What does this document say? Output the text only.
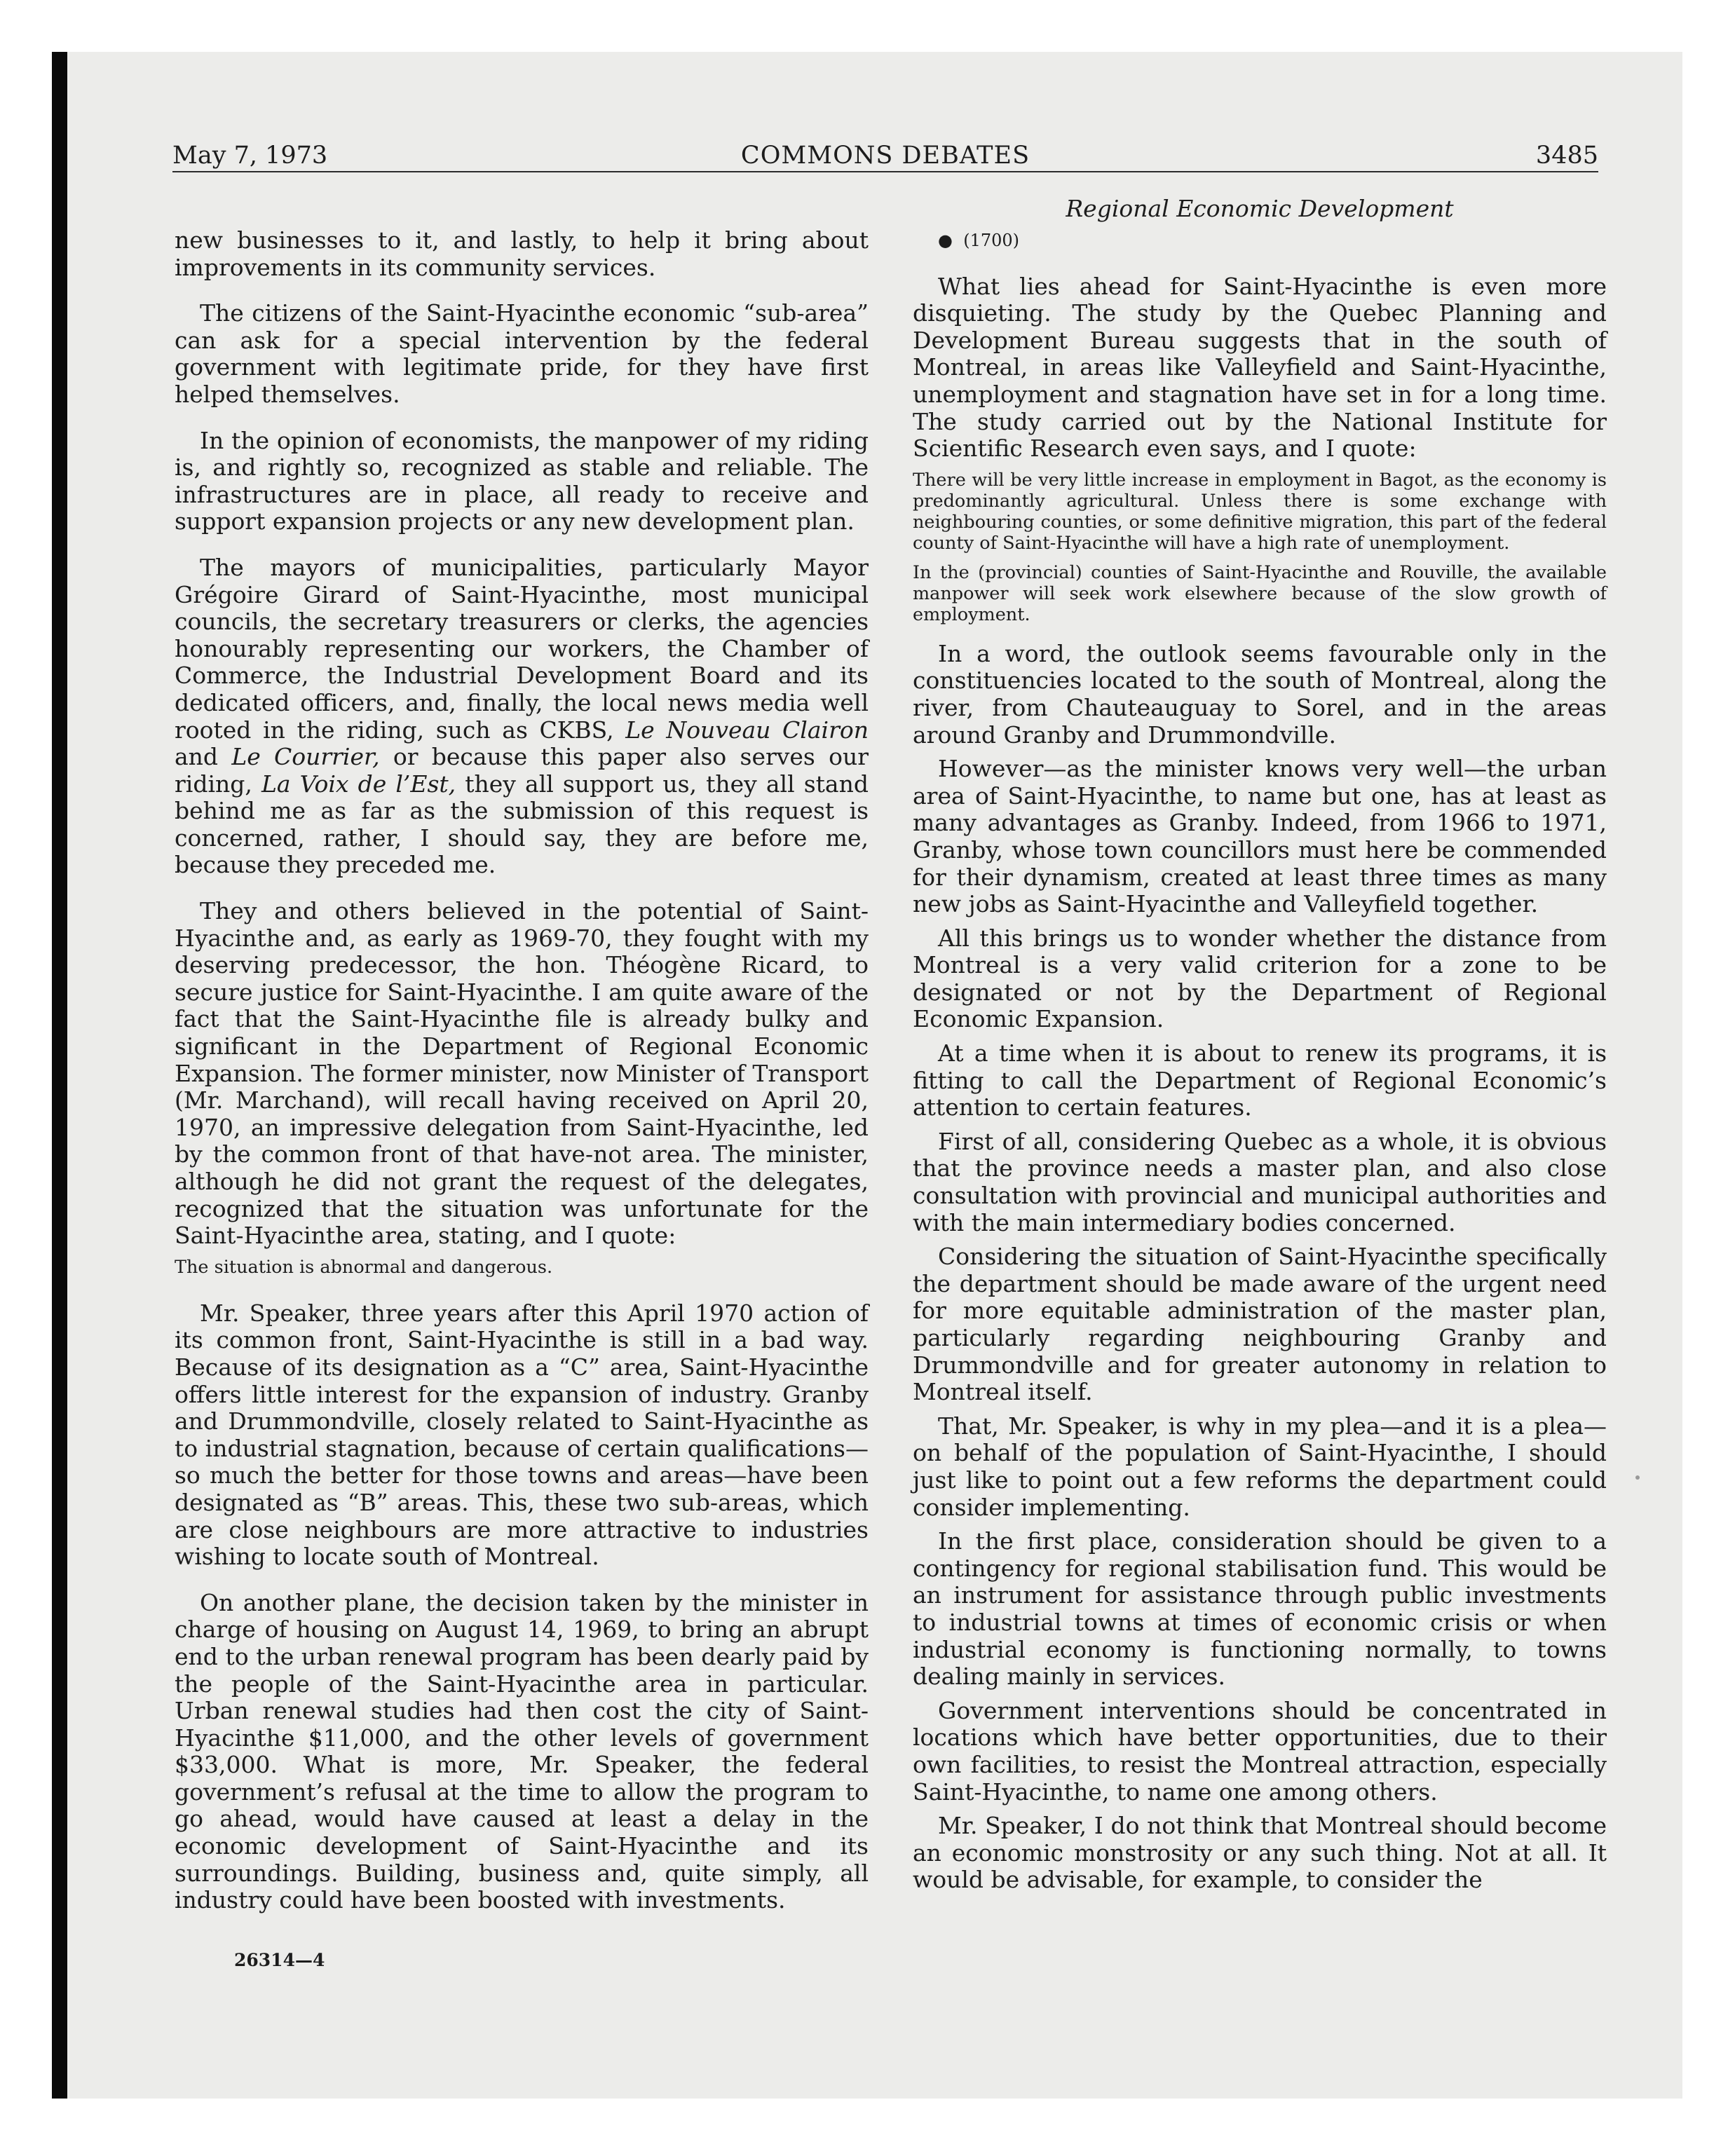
May 7, 1973	COMMONS DEBATES	3485
Regional Economic Development

new businesses to it, and lastly, to help it bring about improvements in its community services.

The citizens of the Saint-Hyacinthe economic “sub-area” can ask for a special intervention by the federal government with legitimate pride, for they have first helped themselves.

In the opinion of economists, the manpower of my riding is, and rightly so, recognized as stable and reliable. The infrastructures are in place, all ready to receive and support expansion projects or any new development plan.

The mayors of municipalities, particularly Mayor Grégoire Girard of Saint-Hyacinthe, most municipal councils, the secretary treasurers or clerks, the agencies honourably representing our workers, the Chamber of Commerce, the Industrial Development Board and its dedicated officers, and, finally, the local news media well rooted in the riding, such as CKBS, Le Nouveau Clairon and Le Courrier, or because this paper also serves our riding, La Voix de l’Est, they all support us, they all stand behind me as far as the submission of this request is concerned, rather, I should say, they are before me, because they preceded me.

They and others believed in the potential of Saint-Hyacinthe and, as early as 1969-70, they fought with my deserving predecessor, the hon. Théogène Ricard, to secure justice for Saint-Hyacinthe. I am quite aware of the fact that the Saint-Hyacinthe file is already bulky and significant in the Department of Regional Economic Expansion. The former minister, now Minister of Transport (Mr. Marchand), will recall having received on April 20, 1970, an impressive delegation from Saint-Hyacinthe, led by the common front of that have-not area. The minister, although he did not grant the request of the delegates, recognized that the situation was unfortunate for the Saint-Hyacinthe area, stating, and I quote:

The situation is abnormal and dangerous.

Mr. Speaker, three years after this April 1970 action of its common front, Saint-Hyacinthe is still in a bad way. Because of its designation as a “C” area, Saint-Hyacinthe offers little interest for the expansion of industry. Granby and Drummondville, closely related to Saint-Hyacinthe as to industrial stagnation, because of certain qualifications—so much the better for those towns and areas—have been designated as “B” areas. This, these two sub-areas, which are close neighbours are more attractive to industries wishing to locate south of Montreal.

On another plane, the decision taken by the minister in charge of housing on August 14, 1969, to bring an abrupt end to the urban renewal program has been dearly paid by the people of the Saint-Hyacinthe area in particular. Urban renewal studies had then cost the city of Saint-Hyacinthe $11,000, and the other levels of government $33,000. What is more, Mr. Speaker, the federal government’s refusal at the time to allow the program to go ahead, would have caused at least a delay in the economic development of Saint-Hyacinthe and its surroundings. Building, business and, quite simply, all industry could have been boosted with investments.

● (1700)

What lies ahead for Saint-Hyacinthe is even more disquieting. The study by the Quebec Planning and Development Bureau suggests that in the south of Montreal, in areas like Valleyfield and Saint-Hyacinthe, unemployment and stagnation have set in for a long time. The study carried out by the National Institute for Scientific Research even says, and I quote:

There will be very little increase in employment in Bagot, as the economy is predominantly agricultural. Unless there is some exchange with neighbouring counties, or some definitive migration, this part of the federal county of Saint-Hyacinthe will have a high rate of unemployment.

In the (provincial) counties of Saint-Hyacinthe and Rouville, the available manpower will seek work elsewhere because of the slow growth of employment.

In a word, the outlook seems favourable only in the constituencies located to the south of Montreal, along the river, from Chauteauguay to Sorel, and in the areas around Granby and Drummondville.

However—as the minister knows very well—the urban area of Saint-Hyacinthe, to name but one, has at least as many advantages as Granby. Indeed, from 1966 to 1971, Granby, whose town councillors must here be commended for their dynamism, created at least three times as many new jobs as Saint-Hyacinthe and Valleyfield together.

All this brings us to wonder whether the distance from Montreal is a very valid criterion for a zone to be designated or not by the Department of Regional Economic Expansion.

At a time when it is about to renew its programs, it is fitting to call the Department of Regional Economic’s attention to certain features.

First of all, considering Quebec as a whole, it is obvious that the province needs a master plan, and also close consultation with provincial and municipal authorities and with the main intermediary bodies concerned.

Considering the situation of Saint-Hyacinthe specifically the department should be made aware of the urgent need for more equitable administration of the master plan, particularly regarding neighbouring Granby and Drummondville and for greater autonomy in relation to Montreal itself.

That, Mr. Speaker, is why in my plea—and it is a plea—on behalf of the population of Saint-Hyacinthe, I should just like to point out a few reforms the department could consider implementing.

In the first place, consideration should be given to a contingency for regional stabilisation fund. This would be an instrument for assistance through public investments to industrial towns at times of economic crisis or when industrial economy is functioning normally, to towns dealing mainly in services.

Government interventions should be concentrated in locations which have better opportunities, due to their own facilities, to resist the Montreal attraction, especially Saint-Hyacinthe, to name one among others.

Mr. Speaker, I do not think that Montreal should become an economic monstrosity or any such thing. Not at all. It would be advisable, for example, to consider the

26314—4
